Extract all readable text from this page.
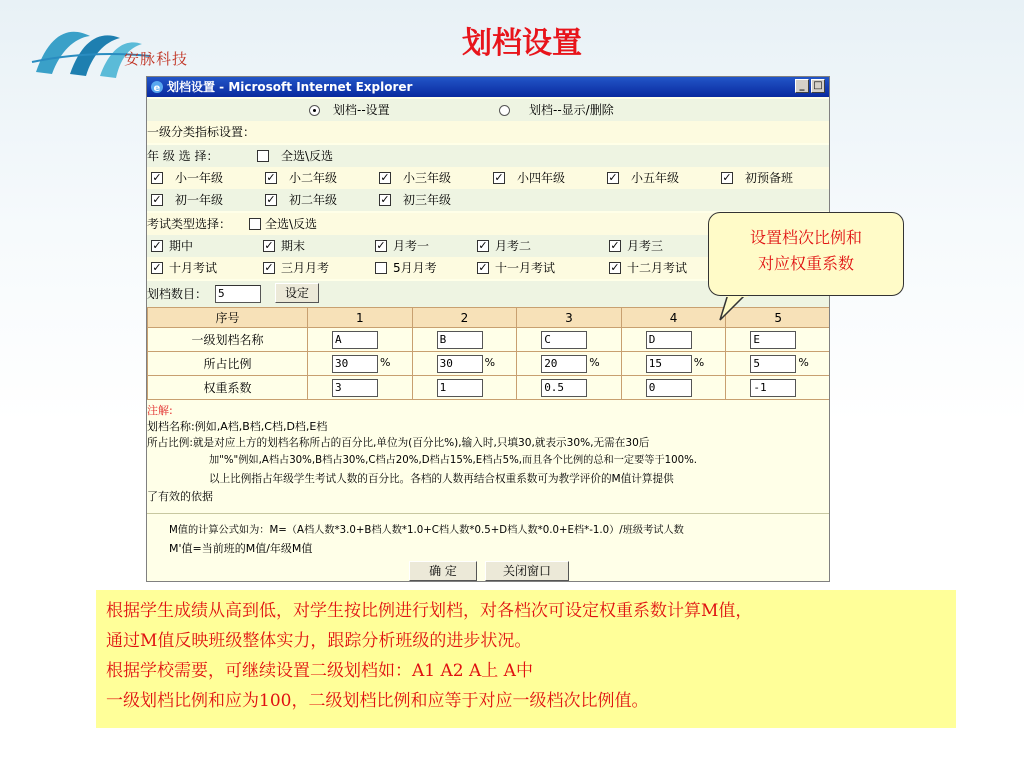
安脉科技	划档设置
e 划档设置 - Microsoft Internet Explorer	_ □
划档--设置	划档--显示/删除
一级分类指标设置：
年 级 选 择：	全选\反选
✓ 小一年级	✓ 小二年级	✓ 小三年级	✓ 小四年级	✓ 小五年级	✓ 初预备班
✓ 初一年级	✓ 初二年级	✓ 初三年级
考试类型选择：	全选\反选
✓ 期中	✓ 期末	✓ 月考一	✓ 月考二	✓ 月考三
✓ 十月考试	✓ 三月月考	5月月考	✓ 十一月考试	✓ 十二月考试
划档数目： 5	设定
序号	1	2	3	4	5
一级划档名称	A	B	C	D	E

所占比例	30 %	30 %	20 %	15 %	5 %

权重系数	3	1	0.5	0	-1
注解:
划档名称:例如,A档,B档,C档,D档,E档
所占比例:就是对应上方的划档名称所占的百分比,单位为(百分比%),输入时,只填30,就表示30%,无需在30后
加"%"例如,A档占30%,B档占30%,C档占20%,D档占15%,E档占5%,而且各个比例的总和一定要等于100%.
以上比例指占年级学生考试人数的百分比。各档的人数再结合权重系数可为教学评价的M值计算提供
了有效的依据
M值的计算公式如为：M=（A档人数*3.0+B档人数*1.0+C档人数*0.5+D档人数*0.0+E档*-1.0）/班级考试人数
M'值=当前班的M值/年级M值
确 定	关闭窗口
设置档次比例和
对应权重系数
根据学生成绩从高到低，对学生按比例进行划档，对各档次可设定权重系数计算M值，
通过M值反映班级整体实力，跟踪分析班级的进步状况。
根据学校需要，可继续设置二级划档如：A1 A2 A上 A中
一级划档比例和应为100，二级划档比例和应等于对应一级档次比例值。
